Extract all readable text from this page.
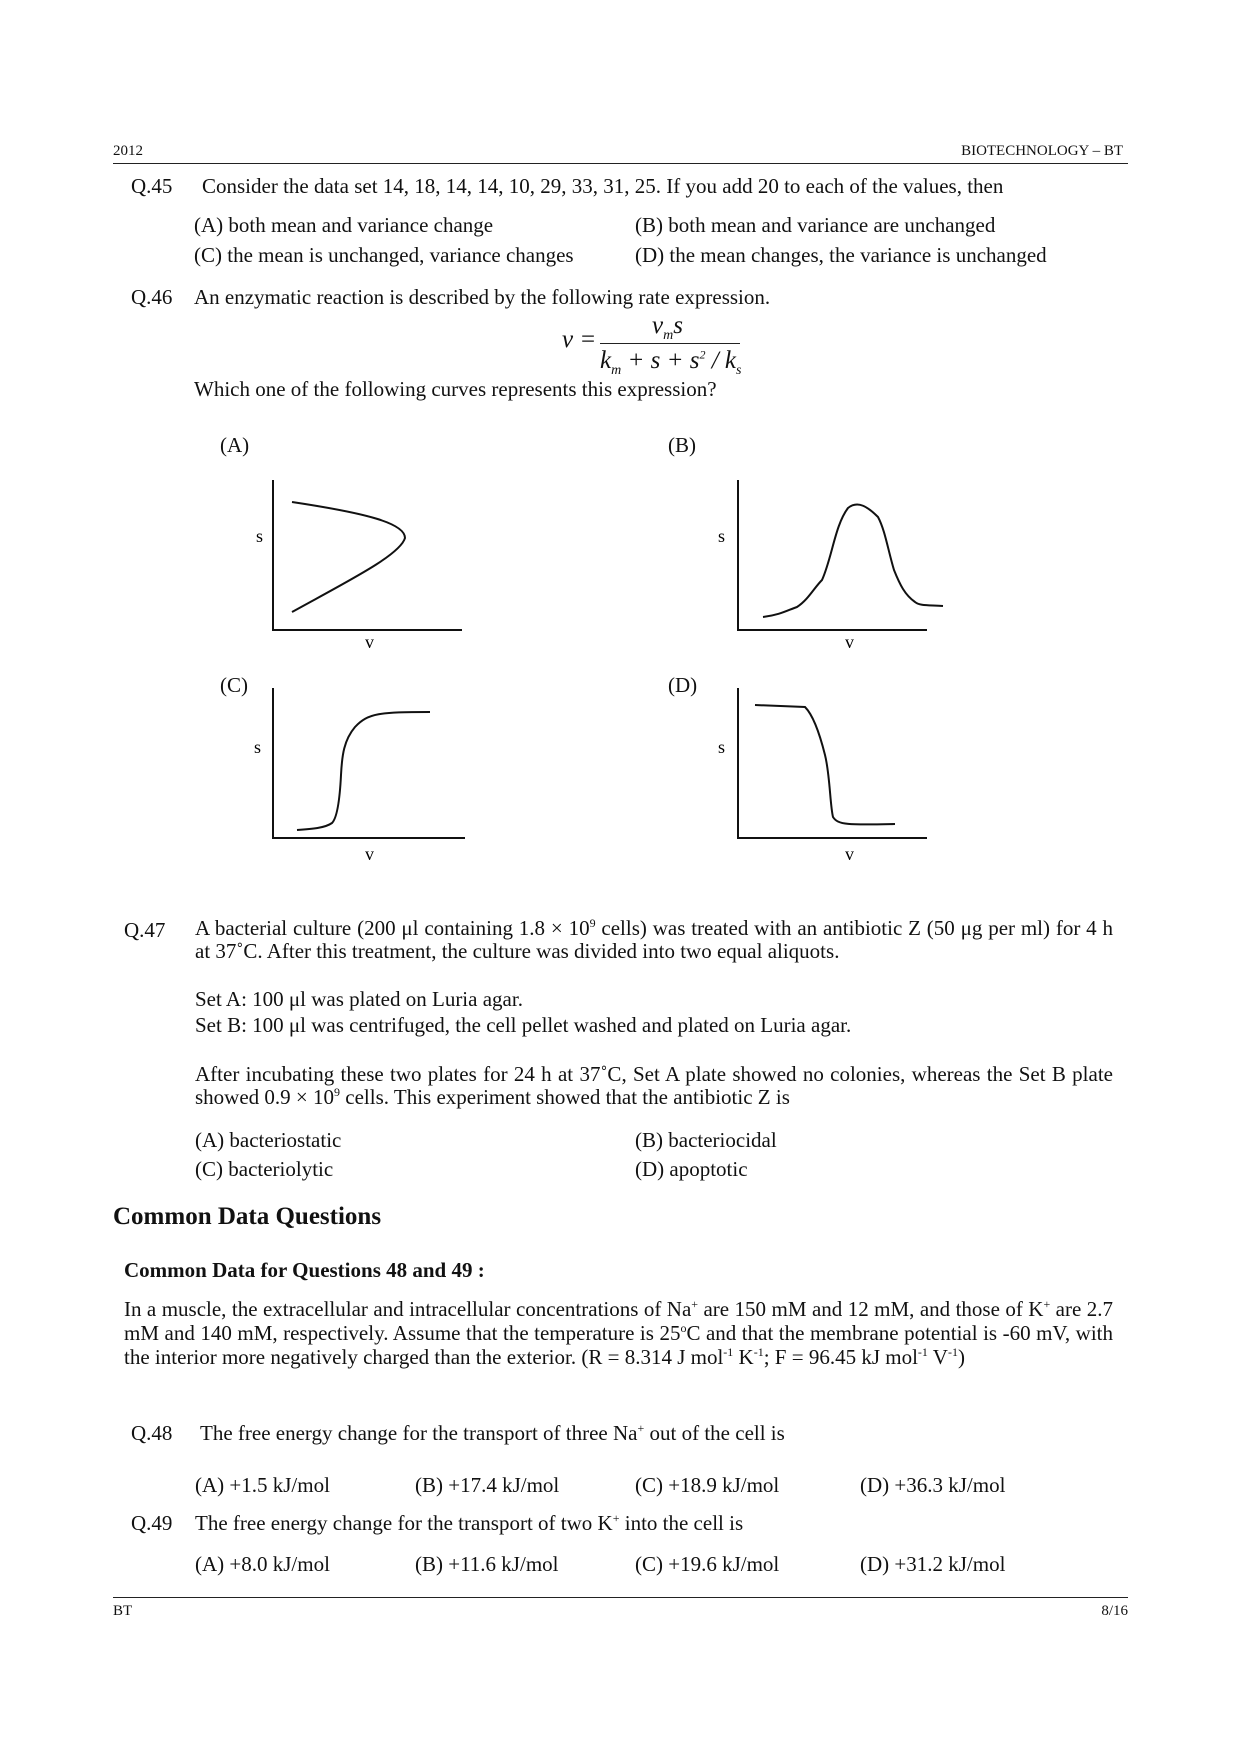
2012	BIOTECHNOLOGY – BT
Q.45 Consider the data set 14, 18, 14, 14, 10, 29, 33, 31, 25. If you add 20 to each of the values, then
(A) both mean and variance change	(B) both mean and variance are unchanged
(C) the mean is unchanged, variance changes	(D) the mean changes, the variance is unchanged
Q.46 An enzymatic reaction is described by the following rate expression.
v =
$v_ms$
$k_m + s + s^2 / k_s$
Which one of the following curves represents this expression?
(A)	(B)
(C)	(D)
s
v
s
v
s
v
s
v
Q.47 A bacterial culture (200 μl containing $1.8 \times 10^9$ cells) was treated with an antibiotic Z (50 μg per ml) for 4 h at 37˚C. After this treatment, the culture was divided into two equal aliquots.
Set A: 100 μl was plated on Luria agar.
Set B: 100 μl was centrifuged, the cell pellet washed and plated on Luria agar.
After incubating these two plates for 24 h at 37˚C, Set A plate showed no colonies, whereas the Set B plate showed $0.9 \times 10^9$ cells. This experiment showed that the antibiotic Z is
(A) bacteriostatic	(B) bacteriocidal
(C) bacteriolytic	(D) apoptotic
Common Data Questions
Common Data for Questions 48 and 49 :
In a muscle, the extracellular and intracellular concentrations of Na+ are 150 mM and 12 mM, and those of K+ are 2.7 mM and 140 mM, respectively. Assume that the temperature is 25$^o$C and that the membrane potential is -60 mV, with the interior more negatively charged than the exterior. (R = 8.314 J mol$^{-1}$ $K^{-1}$; F = 96.45 kJ mol$^{-1}$ $V^{-1}$)
Q.48 The free energy change for the transport of three Na+ out of the cell is
(A) +1.5 kJ/mol	(B) +17.4 kJ/mol	(C) +18.9 kJ/mol	(D) +36.3 kJ/mol
Q.49 The free energy change for the transport of two K+ into the cell is
(A) +8.0 kJ/mol	(B) +11.6 kJ/mol	(C) +19.6 kJ/mol	(D) +31.2 kJ/mol
BT	8/16
